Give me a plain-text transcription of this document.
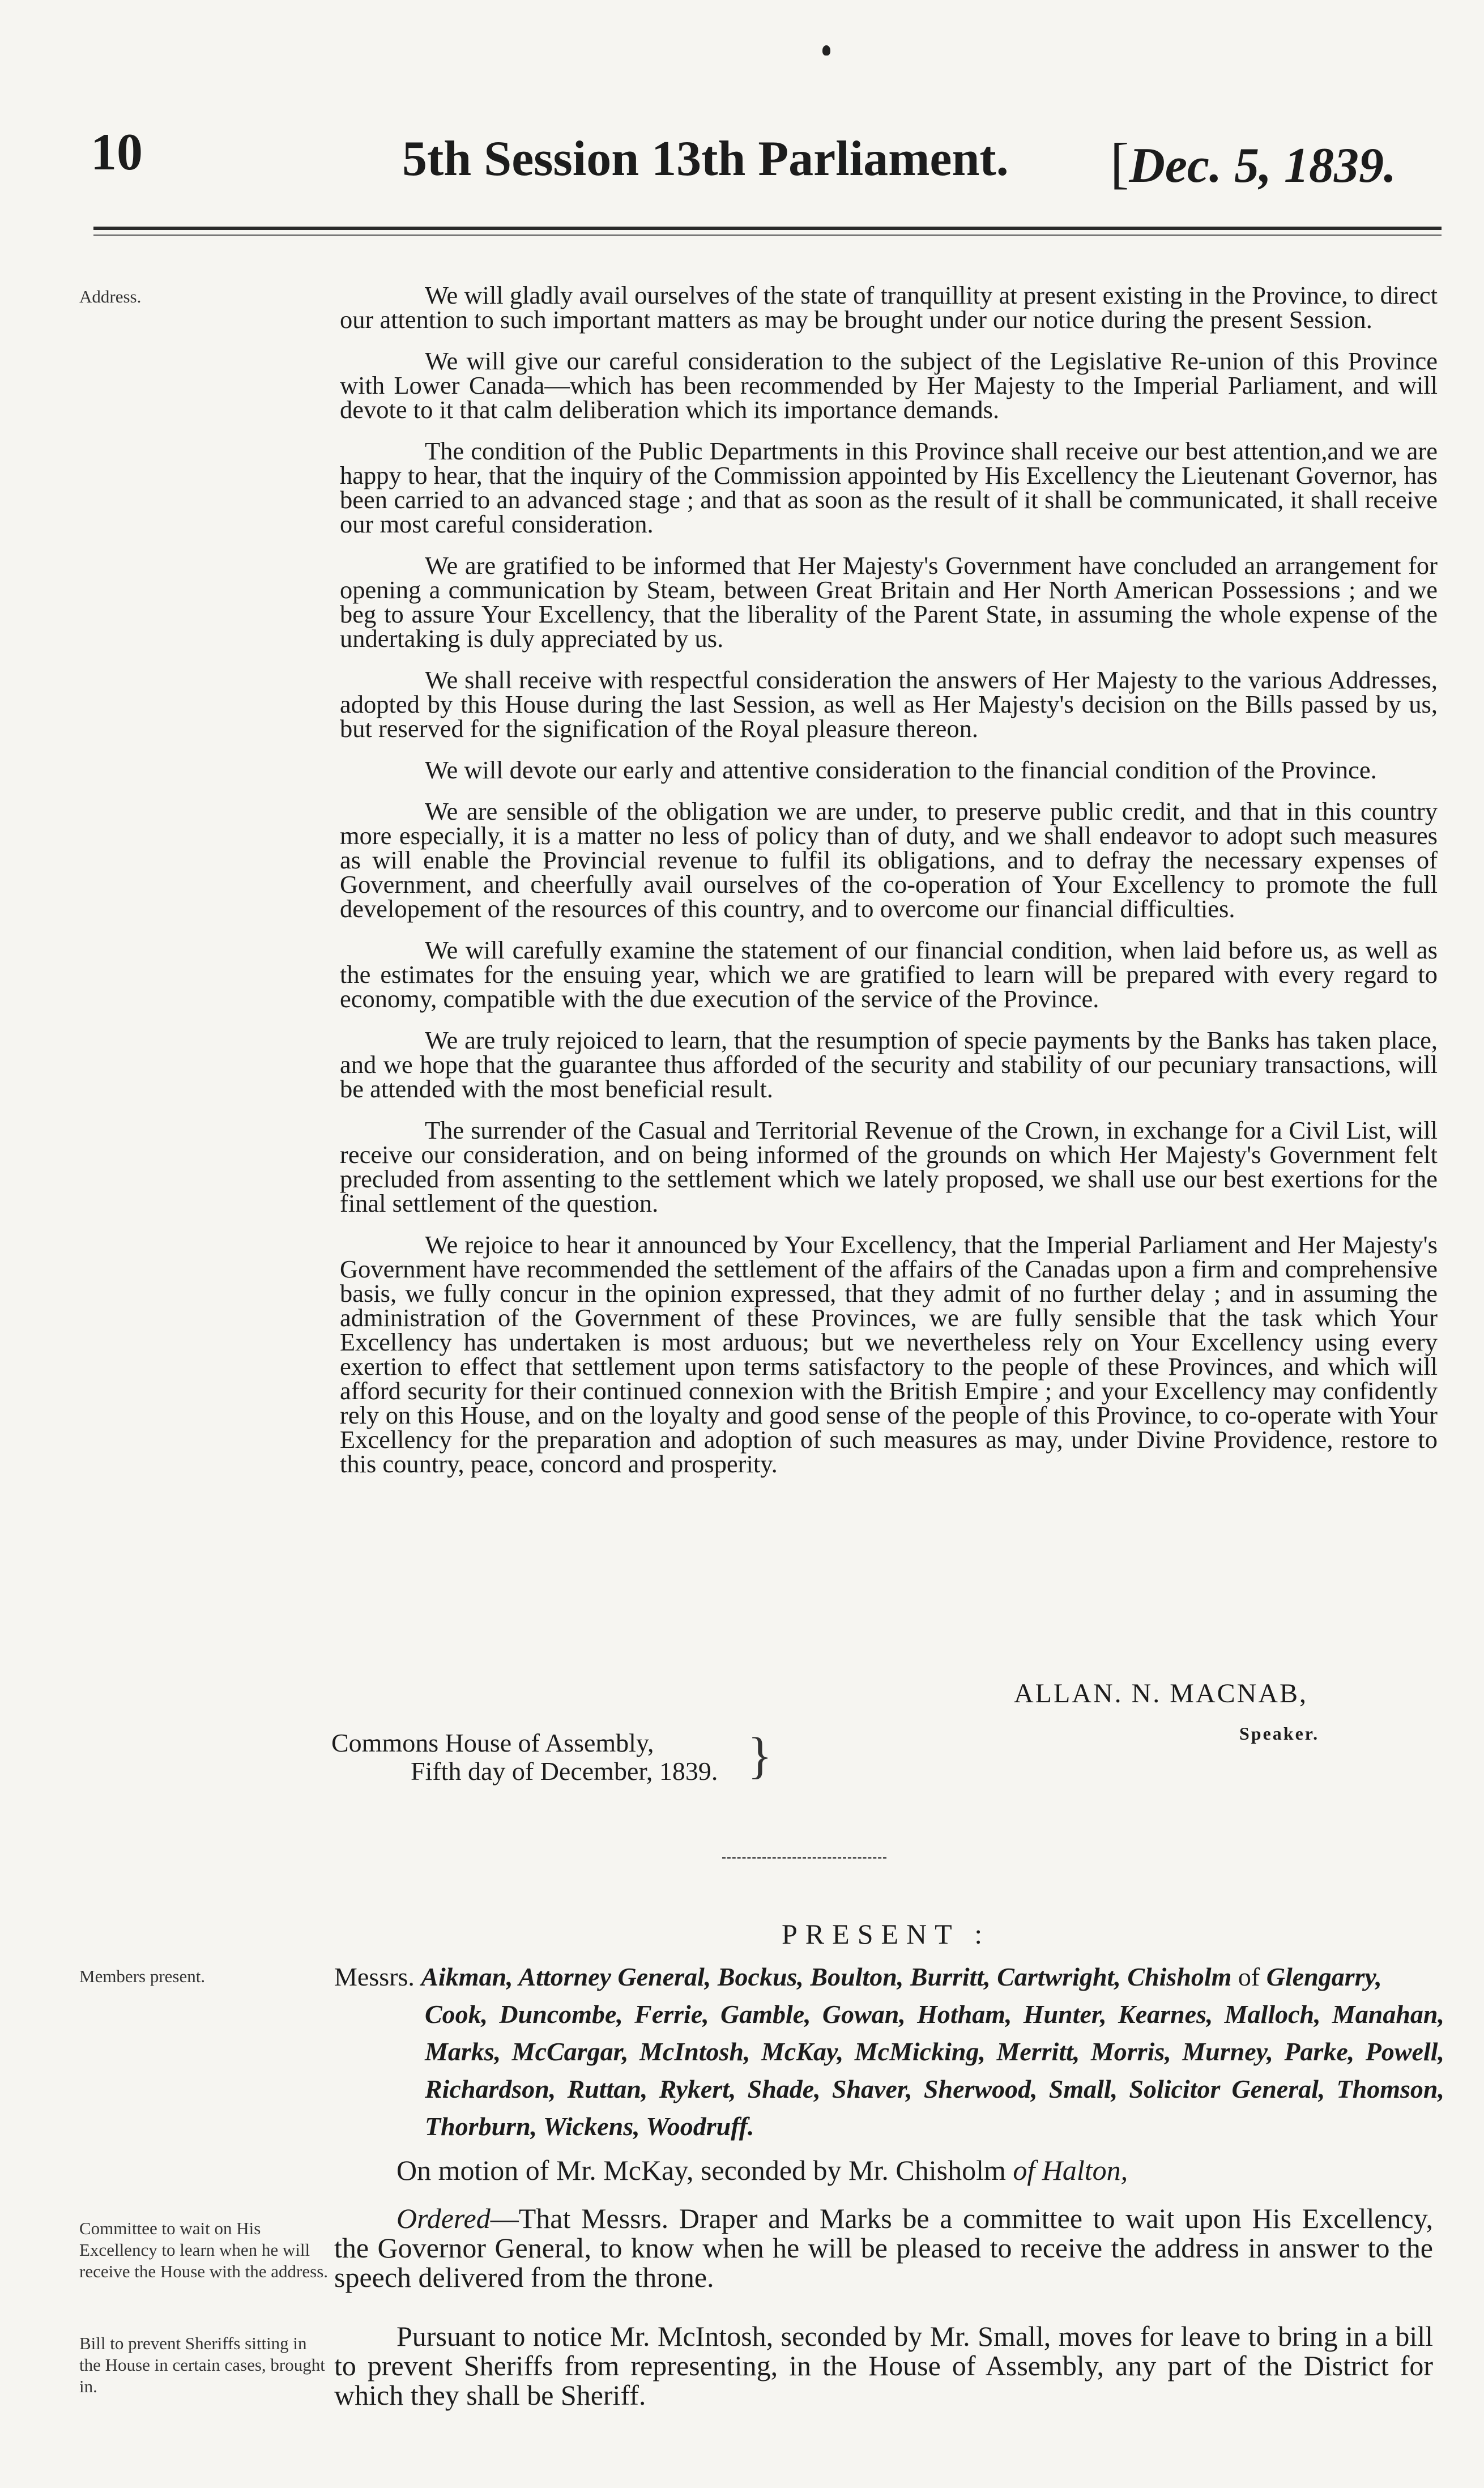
10	5th Session 13th Parliament. [Dec. 5, 1839.
Address.	We will gladly avail ourselves of the state of tranquillity at present existing in the Province, to direct our attention to such important matters as may be brought under our notice during the present Session.

We will give our careful consideration to the subject of the Legislative Re-union of this Province with Lower Canada—which has been recommended by Her Majesty to the Imperial Parliament, and will devote to it that calm deliberation which its importance demands.

The condition of the Public Departments in this Province shall receive our best attention,and we are happy to hear, that the inquiry of the Commission appointed by His Excellency the Lieutenant Governor, has been carried to an advanced stage ; and that as soon as the result of it shall be communicated, it shall receive our most careful consideration.

We are gratified to be informed that Her Majesty's Government have concluded an arrangement for opening a communication by Steam, between Great Britain and Her North American Possessions ; and we beg to assure Your Excellency, that the liberality of the Parent State, in assuming the whole expense of the undertaking is duly appreciated by us.

We shall receive with respectful consideration the answers of Her Majesty to the various Addresses, adopted by this House during the last Session, as well as Her Majesty's decision on the Bills passed by us, but reserved for the signification of the Royal pleasure thereon.

We will devote our early and attentive consideration to the financial condition of the Province.

We are sensible of the obligation we are under, to preserve public credit, and that in this country more especially, it is a matter no less of policy than of duty, and we shall endeavor to adopt such measures as will enable the Provincial revenue to fulfil its obligations, and to defray the necessary expenses of Government, and cheerfully avail ourselves of the co-operation of Your Excellency to promote the full developement of the resources of this country, and to overcome our financial difficulties.

We will carefully examine the statement of our financial condition, when laid before us, as well as the estimates for the ensuing year, which we are gratified to learn will be prepared with every regard to economy, compatible with the due execution of the service of the Province.

We are truly rejoiced to learn, that the resumption of specie payments by the Banks has taken place, and we hope that the guarantee thus afforded of the security and stability of our pecuniary transactions, will be attended with the most beneficial result.

The surrender of the Casual and Territorial Revenue of the Crown, in exchange for a Civil List, will receive our consideration, and on being informed of the grounds on which Her Majesty's Government felt precluded from assenting to the settlement which we lately proposed, we shall use our best exertions for the final settlement of the question.

We rejoice to hear it announced by Your Excellency, that the Imperial Parliament and Her Majesty's Government have recommended the settlement of the affairs of the Canadas upon a firm and comprehensive basis, we fully concur in the opinion expressed, that they admit of no further delay ; and in assuming the administration of the Government of these Provinces, we are fully sensible that the task which Your Excellency has undertaken is most arduous; but we nevertheless rely on Your Excellency using every exertion to effect that settlement upon terms satisfactory to the people of these Provinces, and which will afford security for their continued connexion with the British Empire ; and your Excellency may confidently rely on this House, and on the loyalty and good sense of the people of this Province, to co-operate with Your Excellency for the preparation and adoption of such measures as may, under Divine Providence, restore to this country, peace, concord and prosperity.

ALLAN. N. MACNAB,
Speaker.
Commons House of Assembly,
Fifth day of December, 1839. }
PRESENT :
Members present.	Messrs. Aikman, Attorney General, Bockus, Boulton, Burritt, Cartwright, Chisholm of Glengarry,
Cook, Duncombe, Ferrie, Gamble, Gowan, Hotham, Hunter, Kearnes, Malloch, Manahan, Marks, McCargar, McIntosh, McKay, McMicking, Merritt, Morris, Murney, Parke, Powell, Richardson, Ruttan, Rykert, Shade, Shaver, Sherwood, Small, Solicitor General, Thomson, Thorburn, Wickens, Woodruff.

On motion of Mr. McKay, seconded by Mr. Chisholm of Halton,

Committee to wait on His Excellency to learn when he will receive the House with the address.

Ordered—That Messrs. Draper and Marks be a committee to wait upon His Excellency, the Governor General, to know when he will be pleased to receive the address in answer to the speech delivered from the throne.

Bill to prevent Sheriffs sitting in the House in certain cases, brought in.

Pursuant to notice Mr. McIntosh, seconded by Mr. Small, moves for leave to bring in a bill to prevent Sheriffs from representing, in the House of Assembly, any part of the District for which they shall be Sheriff.
